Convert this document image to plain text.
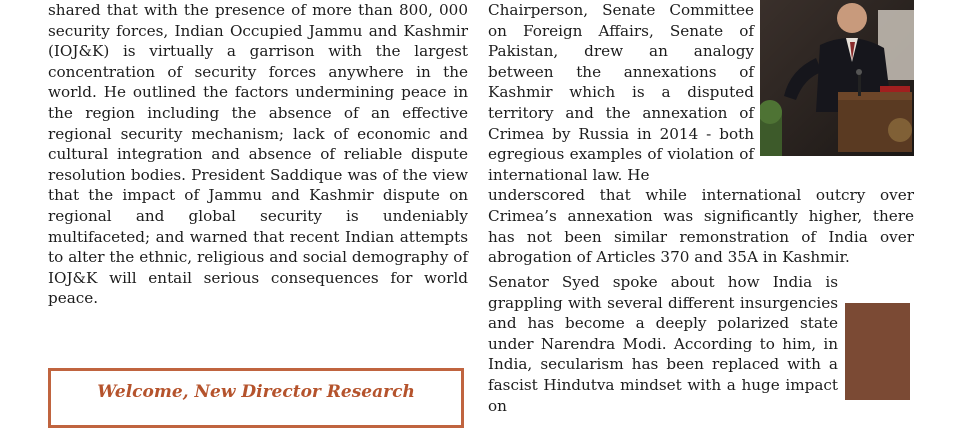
shared that with the presence of more than 800, 000 security forces, Indian Occupied Jammu and Kashmir (IOJ&K) is virtually a garrison with the largest concentration of security forces anywhere in the world. He outlined the factors undermining peace in the region including the absence of an effective regional security mechanism; lack of economic and cultural integration and absence of reliable dispute resolution bodies. President Saddique was of the view that the impact of Jammu and Kashmir dispute on regional and global security is undeniably multifaceted; and warned that recent Indian attempts to alter the ethnic, religious and social demography of IOJ&K will entail serious consequences for world peace.

Chairperson, Senate Committee on Foreign Affairs, Senate of Pakistan, drew an analogy between the annexations of Kashmir which is a disputed territory and the annexation of Crimea by Russia in 2014 - both egregious examples of violation of international law. He

underscored that while international outcry over Crimea’s annexation was significantly higher, there has not been similar remonstration of India over abrogation of Articles 370 and 35A in Kashmir.

Senator Syed spoke about how India is grappling with several different insurgencies and has become a deeply polarized state under Narendra Modi. According to him, in India, secularism has been replaced with a fascist Hindutva mindset with a huge impact on

Welcome, New Director Research
